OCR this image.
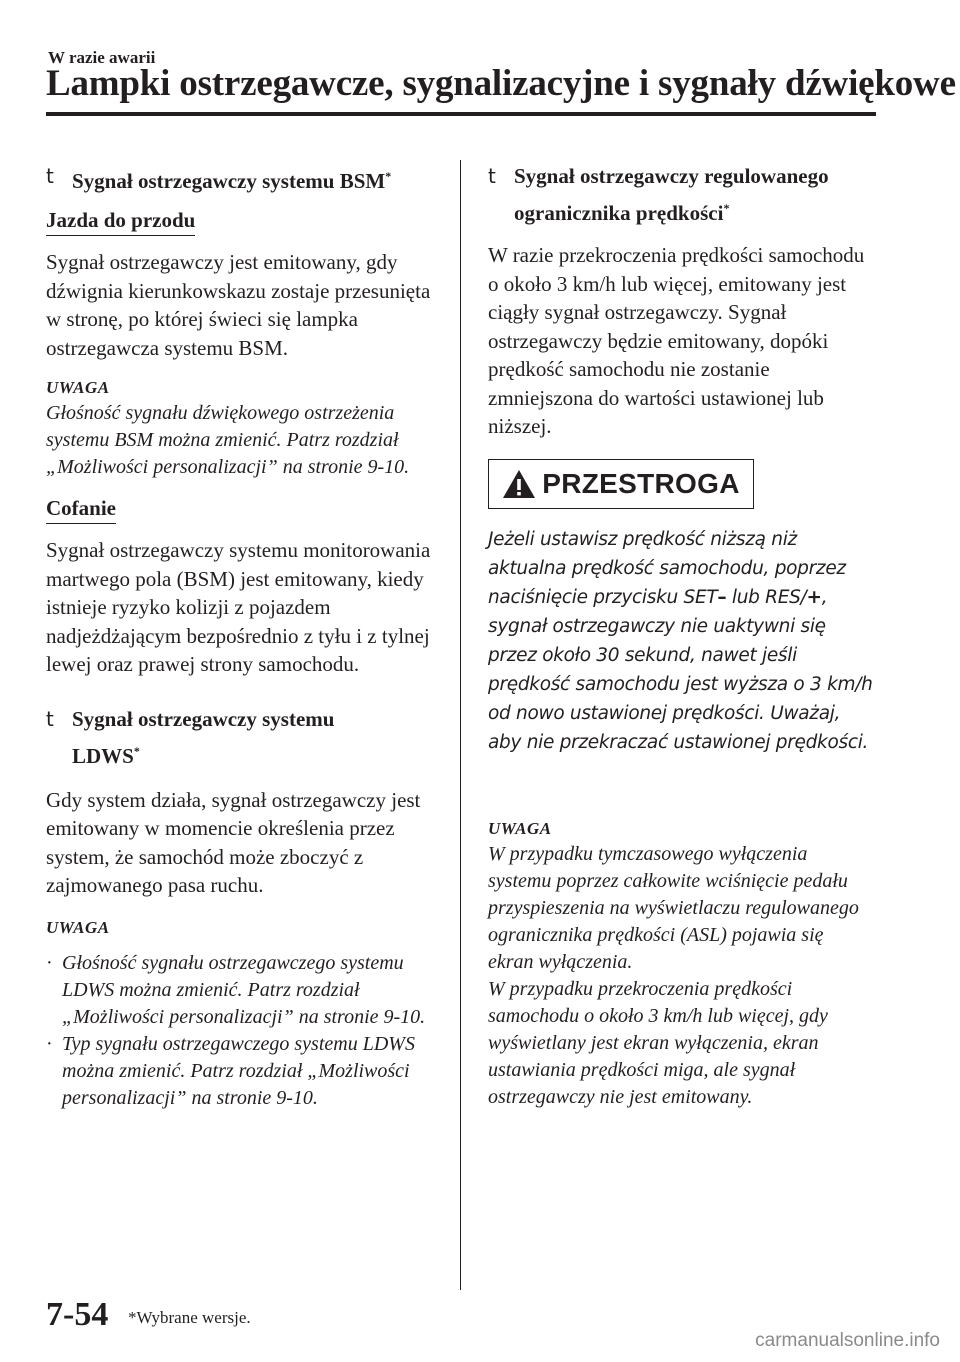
W razie awarii
Lampki ostrzegawcze, sygnalizacyjne i sygnały dźwiękowe
t Sygnał ostrzegawczy systemu BSM*
Jazda do przodu
Sygnał ostrzegawczy jest emitowany, gdy dźwignia kierunkowskazu zostaje przesunięta w stronę, po której świeci się lampka ostrzegawcza systemu BSM.
UWAGA
Głośność sygnału dźwiękowego ostrzeżenia systemu BSM można zmienić. Patrz rozdział „Możliwości personalizacji” na stronie 9-10.
Cofanie
Sygnał ostrzegawczy systemu monitorowania martwego pola (BSM) jest emitowany, kiedy istnieje ryzyko kolizji z pojazdem nadjeżdżającym bezpośrednio z tyłu i z tylnej lewej oraz prawej strony samochodu.
t Sygnał ostrzegawczy systemu
LDWS*
Gdy system działa, sygnał ostrzegawczy jest emitowany w momencie określenia przez system, że samochód może zboczyć z zajmowanego pasa ruchu.
UWAGA
· Głośność sygnału ostrzegawczego systemu LDWS można zmienić. Patrz rozdział „Możliwości personalizacji” na stronie 9-10.
· Typ sygnału ostrzegawczego systemu LDWS można zmienić. Patrz rozdział „Możliwości personalizacji” na stronie 9-10.
t Sygnał ostrzegawczy regulowanego
ogranicznika prędkości*
W razie przekroczenia prędkości samochodu o około 3 km/h lub więcej, emitowany jest ciągły sygnał ostrzegawczy. Sygnał ostrzegawczy będzie emitowany, dopóki prędkość samochodu nie zostanie zmniejszona do wartości ustawionej lub niższej.
PRZESTROGA
Jeżeli ustawisz prędkość niższą niż aktualna prędkość samochodu, poprzez naciśnięcie przycisku SET– lub RES/+, sygnał ostrzegawczy nie uaktywni się przez około 30 sekund, nawet jeśli prędkość samochodu jest wyższa o 3 km/h od nowo ustawionej prędkości. Uważaj, aby nie przekraczać ustawionej prędkości.
UWAGA
W przypadku tymczasowego wyłączenia systemu poprzez całkowite wciśnięcie pedału przyspieszenia na wyświetlaczu regulowanego ogranicznika prędkości (ASL) pojawia się ekran wyłączenia.
W przypadku przekroczenia prędkości samochodu o około 3 km/h lub więcej, gdy wyświetlany jest ekran wyłączenia, ekran ustawiania prędkości miga, ale sygnał ostrzegawczy nie jest emitowany.
7-54 *Wybrane wersje.
carmanualsonline.info
